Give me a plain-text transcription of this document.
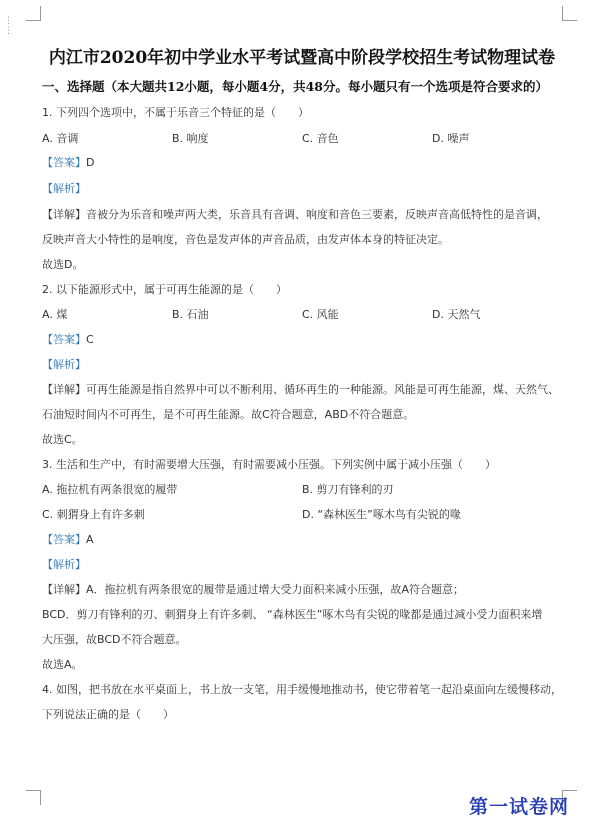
⋮
⋮
内江市2020年初中学业水平考试暨高中阶段学校招生考试物理试卷
一、选择题（本大题共12小题，每小题4分，共48分。每小题只有一个选项是符合要求的）
1. 下列四个选项中，不属于乐音三个特征的是（　　）
A. 音调	B. 响度	C. 音色	D. 噪声
【答案】D
【解析】
【详解】音被分为乐音和噪声两大类，乐音具有音调、响度和音色三要素，反映声音高低特性的是音调，
反映声音大小特性的是响度，音色是发声体的声音品质，由发声体本身的特征决定。
故选D。
2. 以下能源形式中，属于可再生能源的是（　　）
A. 煤	B. 石油	C. 风能	D. 天然气
【答案】C
【解析】
【详解】可再生能源是指自然界中可以不断利用、循环再生的一种能源。风能是可再生能源，煤、天然气、
石油短时间内不可再生，是不可再生能源。故C符合题意，ABD不符合题意。
故选C。
3. 生活和生产中，有时需要增大压强，有时需要减小压强。下列实例中属于减小压强（　　）
A. 拖拉机有两条很宽的履带	B. 剪刀有锋利的刃
C. 刺猬身上有许多刺	D. “森林医生”啄木鸟有尖锐的喙
【答案】A
【解析】
【详解】A．拖拉机有两条很宽的履带是通过增大受力面积来减小压强，故A符合题意；
BCD．剪刀有锋利的刃、刺猬身上有许多刺、 “森林医生”啄木鸟有尖锐的喙都是通过减小受力面积来增
大压强，故BCD不符合题意。
故选A。
4. 如图，把书放在水平桌面上，书上放一支笔，用手缓慢地推动书，使它带着笔一起沿桌面向左缓慢移动，
下列说法正确的是（　　）
第一试卷网
